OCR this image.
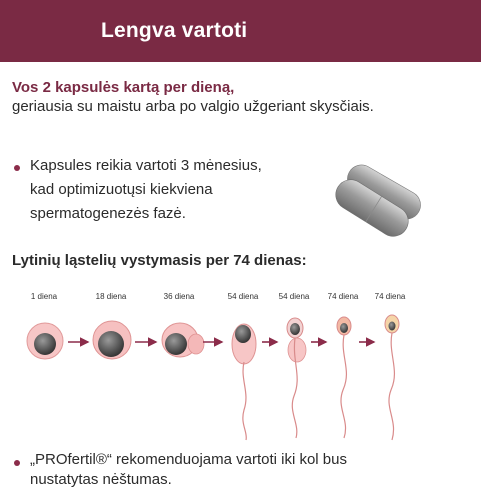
Lengva vartoti
Vos 2 kapsulės kartą per dieną,
geriausia su maistu arba po valgio užgeriant skysčiais.
Kapsules reikia vartoti 3 mėnesius,
kad optimizuotųsi kiekviena
spermatogenezės fazė.
Lytinių ląstelių vystymasis per 74 dienas:
1 diena	18 diena	36 diena	54 diena	54 diena 74 diena 74 diena
„PROfertil®“ rekomenduojama vartoti iki kol bus
nustatytas nėštumas.
